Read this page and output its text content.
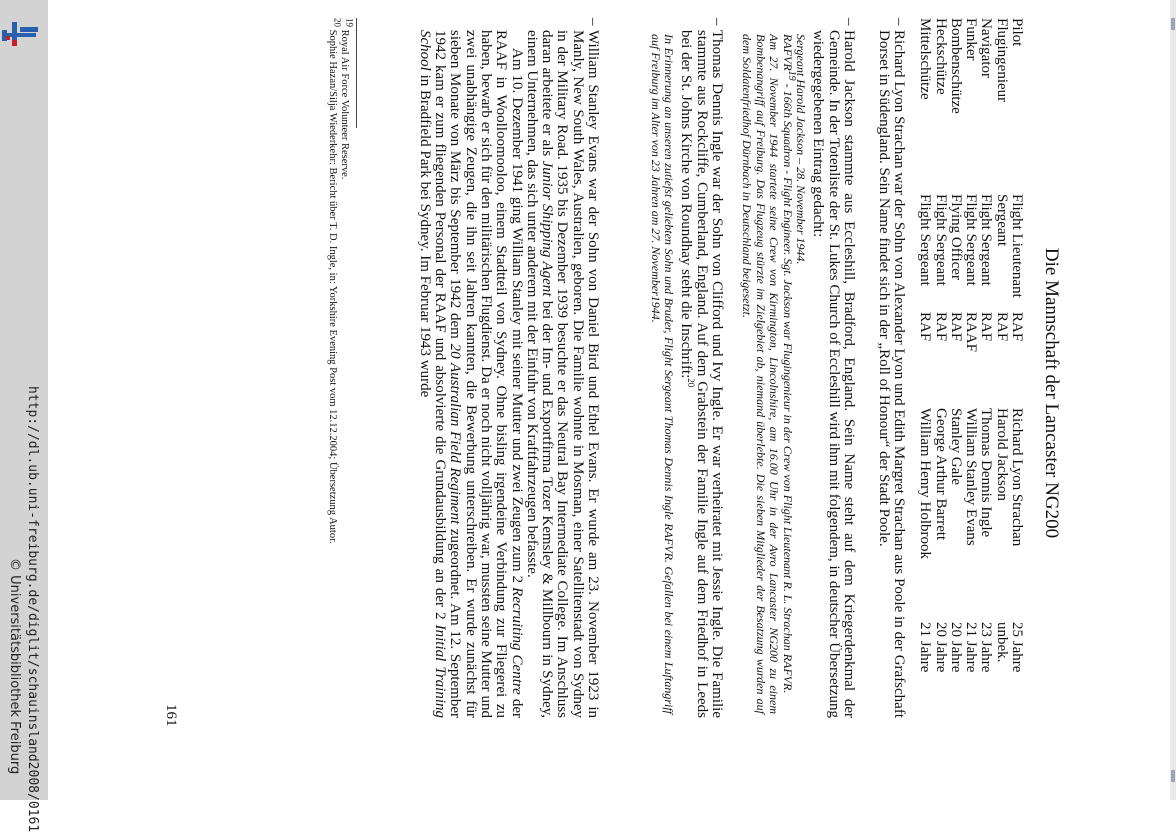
http://dl.ub.uni-freiburg.de/diglit/schauinsland2008/0161
© Universitätsbibliothek Freiburg
Die Mannschaft der Lancaster NG200
Pilot	Flight Lieutenant	RAF	Richard Lyon Strachan	25 Jahre
Flugingenieur	Sergeant	RAF	Harold Jackson	unbek.
Navigator	Flight Sergeant	RAF	Thomas Dennis Ingle	23 Jahre
Funker	Flight Sergeant	RAAF	William Stanley Evans	21 Jahre
Bombenschütze	Flying Officer	RAF	Stanley Gale	20 Jahre
Heckschütze	Flight Sergeant	RAF	George Arthur Barrett	20 Jahre
Mittelschütze	Flight Sergeant	RAF	William Henry Holbrook	21 Jahre
–
Richard Lyon Strachan war der Sohn von Alexander Lyon und Edith Margret Strachan aus Poole in der Grafschaft Dorset in Südengland. Sein Name findet sich in der „Roll of Honour“ der Stadt Poole.
–
Harold Jackson stammte aus Eccleshill, Bradford, England. Sein Name steht auf dem Kriegerdenkmal der Gemeinde. In der Totenliste der St. Lukes Church of Eccleshill wird ihm mit folgendem, in deutscher Übersetzung wiedergegebenen Eintrag gedacht:
Sergeant Harold Jackson – 28. November 1944.
RAFVR$^{19}$ - 166th Squadron - Flight Engineer. Sgt. Jackson war Flugingenieur in der Crew von Flight Lieutenant R. L. Strachan RAFVR.
Am 27. November 1944 startete seine Crew von Kirmington, Lincolnshire, am 16.00 Uhr in der Avro Lancaster NG200 zu einem Bombenangriff auf Freiburg. Das Flugzeug stürzte im Zielgebiet ab, niemand überlebte. Die sieben Mitglieder der Besatzung wurden auf dem Soldatenfriedhof Dürnbach in Deutschland beigesetzt.
–
Thomas Dennis Ingle war der Sohn von Clifford und Ivy Ingle. Er war verheiratet mit Jessie Ingle. Die Familie stammte aus Rockcliffe, Cumberland, England. Auf dem Grabstein der Familie Ingle auf dem Friedhof in Leeds bei der St. Johns Kirche von Roundhay steht die Inschrift:$^{20}$
In Erinnerung an unseren zutiefst geliebten Sohn und Bruder, Flight Sergeant Thomas Dennis Ingle RAFVR. Gefallen bei einem Luftangriff auf Freiburg im Alter von 23 Jahren am 27. November1944.
–
William Stanley Evans war der Sohn von Daniel Bird und Ethel Evans. Er wurde am 23. November 1923 in Manly, New South Wales, Australien, geboren. Die Familie wohnte in Mosman, einer Satellitenstadt von Sydney in der Military Road. 1935 bis Dezember 1939 besuchte er das Neutral Bay Intermediate College. Im Anschluss daran arbeitete er als Junior Shipping Agent bei der Im- und Exportfirma Tozer Kemsley & Millbourn in Sydney, einem Unternehmen, das sich unter anderem mit der Einfuhr von Kraftfahrzeugen befasste.
Am 10. Dezember 1941 ging William Stanley mit seiner Mutter und zwei Zeugen zum 2 Recruiting Centre der RAAF in Woolloomooloo, einem Stadtteil von Sydney. Ohne bisling irgendeine Verbindung zur Fliegerei zu haben, bewarb er sich für den militärischen Flugdienst. Da er noch nicht volljährig war, mussten seine Mutter und zwei unabhängige Zeugen, die ihn seit Jahren kannten, die Bewerbung unterschreiben. Er wurde zunächst für sieben Monate von März bis September 1942 dem 20 Australian Field Regiment zugeordnet. Am 12. September 1942 kam er zum fliegenden Personal der RAAF und absolvierte die Grundausbildung an der 2 Initial Training School in Bradfield Park bei Sydney. Im Februar 1943 wurde
$^{19}$ Royal Air Force Volunteer Reserve.
$^{20}$ Sophie Hazan/Silja Wiederkehr: Bericht über T. D. Ingle, in: Yorkshire Evening Post vom 12.12.2004; Übersetzung Autor.
161
